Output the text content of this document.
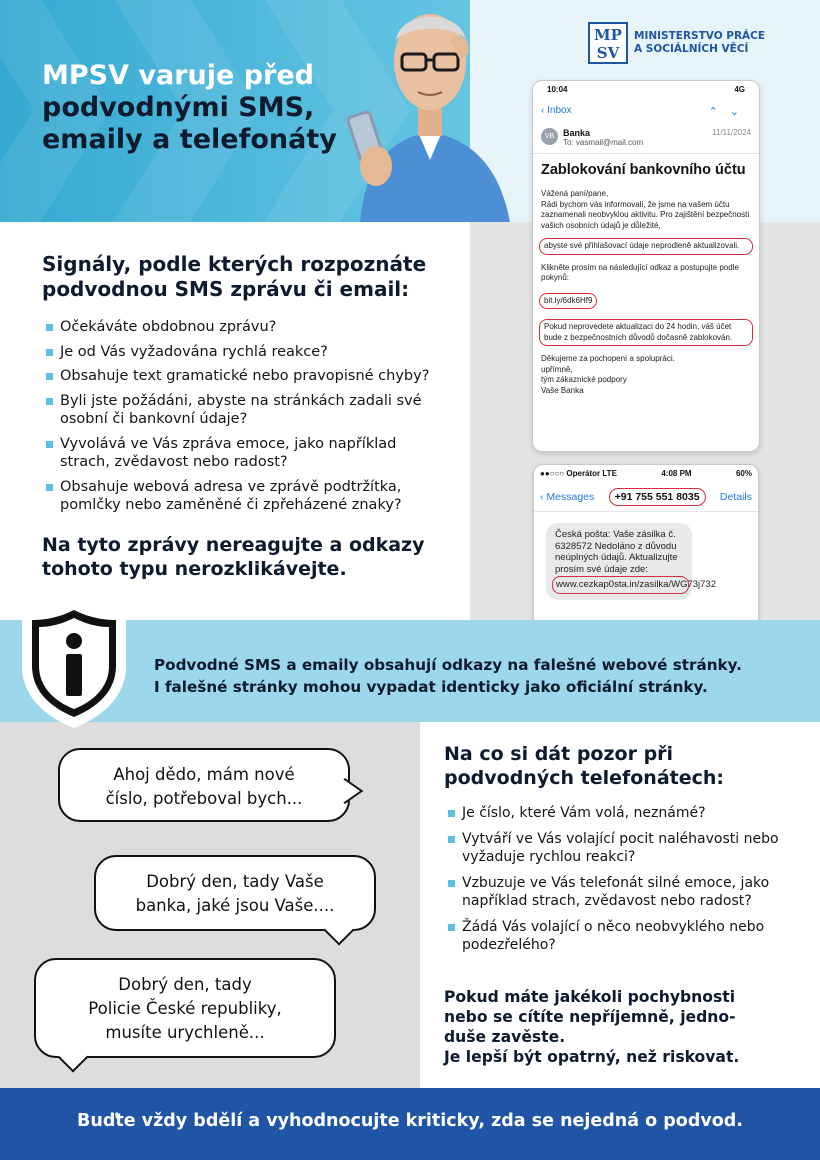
MPSV varuje před
podvodnými SMS,
emaily a telefonáty
MP
SV
MINISTERSTVO PRÁCE
A SOCIÁLNÍCH VĚCÍ
10:04	4G
‹ Inbox	⌃⌄
VB Banka
To: vasmail@mail.com
11/11/2024
Zablokování bankovního účtu

Vážená paní/pane,
Rádi bychom vás informovali, že jsme na vašem účtu zaznamenali neobvyklou aktivitu. Pro zajištění bezpečnosti vašich osobních údajů je důležité,

abyste své přihlašovací údaje neprodleně aktualizovali.

Klikněte prosím na následující odkaz a postupujte podle pokynů:

bit.ly/6dk6Hf9
Pokud neprovedete aktualizaci do 24 hodin, váš účet bude z bezpečnostních důvodů dočasně zablokován.
Děkujeme za pochopení a spolupráci.
upřímně,
tým zákaznické podpory
Vaše Banka
●●○○○ Operátor LTE	4:08 PM	60%
‹ Messages	+91 755 551 8035	Details
Česká pošta: Vaše zásilka č. 6328572 Nedoláno z důvodu neúplných údajů. Aktualizujte prosím své údaje zde:
www.cezkap0sta.in/zasilka/WG73j732
Signály, podle kterých rozpoznáte
podvodnou SMS zprávu či email:
Očekáváte obdobnou zprávu?
Je od Vás vyžadována rychlá reakce?
Obsahuje text gramatické nebo pravopisné chyby?
Byli jste požádáni, abyste na stránkách zadali své osobní či bankovní údaje?
Vyvolává ve Vás zpráva emoce, jako například strach, zvědavost nebo radost?
Obsahuje webová adresa ve zprávě podtržítka, pomlčky nebo zaměněné či zpřeházené znaky?
Na tyto zprávy nereagujte a odkazy
tohoto typu nerozklikávejte.
Podvodné SMS a emaily obsahují odkazy na falešné webové stránky.
I falešné stránky mohou vypadat identicky jako oficiální stránky.
Ahoj dědo, mám nové
číslo, potřeboval bych...
Dobrý den, tady Vaše
banka, jaké jsou Vaše....
Dobrý den, tady
Policie České republiky,
musíte urychleně...
Na co si dát pozor při
podvodných telefonátech:
Je číslo, které Vám volá, neznámé?
Vytváří ve Vás volající pocit naléhavosti nebo vyžaduje rychlou reakci?
Vzbuzuje ve Vás telefonát silné emoce, jako například strach, zvědavost nebo radost?
Žádá Vás volající o něco neobvyklého nebo podezřelého?
Pokud máte jakékoli pochybnosti
nebo se cítíte nepříjemně, jedno-
duše zavěste.
Je lepší být opatrný, než riskovat.
Buďte vždy bdělí a vyhodnocujte kriticky, zda se nejedná o podvod.
